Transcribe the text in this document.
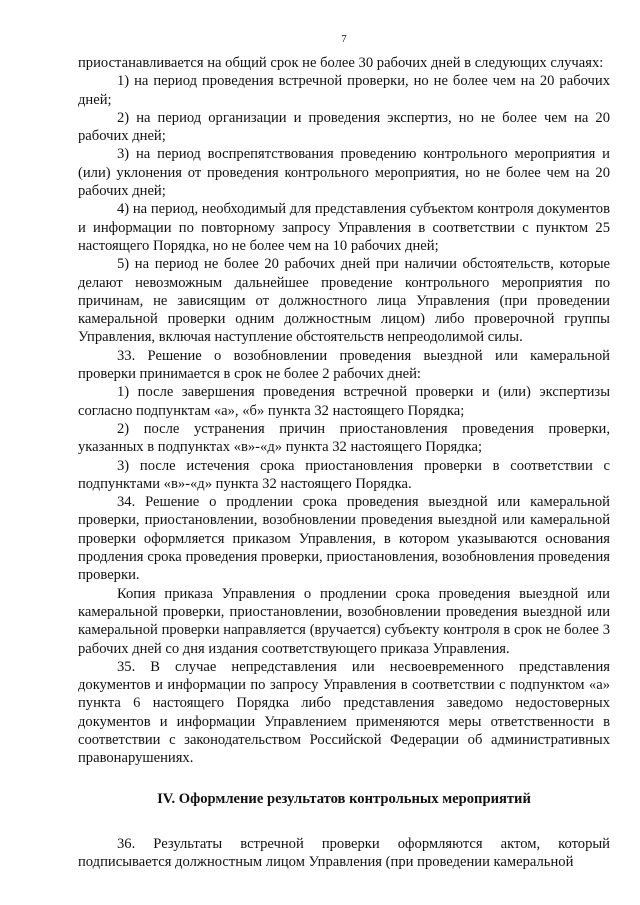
7

приостанавливается на общий срок не более 30 рабочих дней в следующих случаях:

1) на период проведения встречной проверки, но не более чем на 20 рабочих дней;

2) на период организации и проведения экспертиз, но не более чем на 20 рабочих дней;

3) на период воспрепятствования проведению контрольного мероприятия и (или) уклонения от проведения контрольного мероприятия, но не более чем на 20 рабочих дней;

4) на период, необходимый для представления субъектом контроля документов и информации по повторному запросу Управления в соответствии с пунктом 25 настоящего Порядка, но не более чем на 10 рабочих дней;

5) на период не более 20 рабочих дней при наличии обстоятельств, которые делают невозможным дальнейшее проведение контрольного мероприятия по причинам, не зависящим от должностного лица Управления (при проведении камеральной проверки одним должностным лицом) либо проверочной группы Управления, включая наступление обстоятельств непреодолимой силы.

33. Решение о возобновлении проведения выездной или камеральной проверки принимается в срок не более 2 рабочих дней:

1) после завершения проведения встречной проверки и (или) экспертизы согласно подпунктам «а», «б» пункта 32 настоящего Порядка;

2) после устранения причин приостановления проведения проверки, указанных в подпунктах «в»-«д» пункта 32 настоящего Порядка;

3) после истечения срока приостановления проверки в соответствии с подпунктами «в»-«д» пункта 32 настоящего Порядка.

34. Решение о продлении срока проведения выездной или камеральной проверки, приостановлении, возобновлении проведения выездной или камеральной проверки оформляется приказом Управления, в котором указываются основания продления срока проведения проверки, приостановления, возобновления проведения проверки.

Копия приказа Управления о продлении срока проведения выездной или камеральной проверки, приостановлении, возобновлении проведения выездной или камеральной проверки направляется (вручается) субъекту контроля в срок не более 3 рабочих дней со дня издания соответствующего приказа Управления.

35. В случае непредставления или несвоевременного представления документов и информации по запросу Управления в соответствии с подпунктом «а» пункта 6 настоящего Порядка либо представления заведомо недостоверных документов и информации Управлением применяются меры ответственности в соответствии с законодательством Российской Федерации об административных правонарушениях.

IV. Оформление результатов контрольных мероприятий

36. Результаты встречной проверки оформляются актом, который подписывается должностным лицом Управления (при проведении камеральной
